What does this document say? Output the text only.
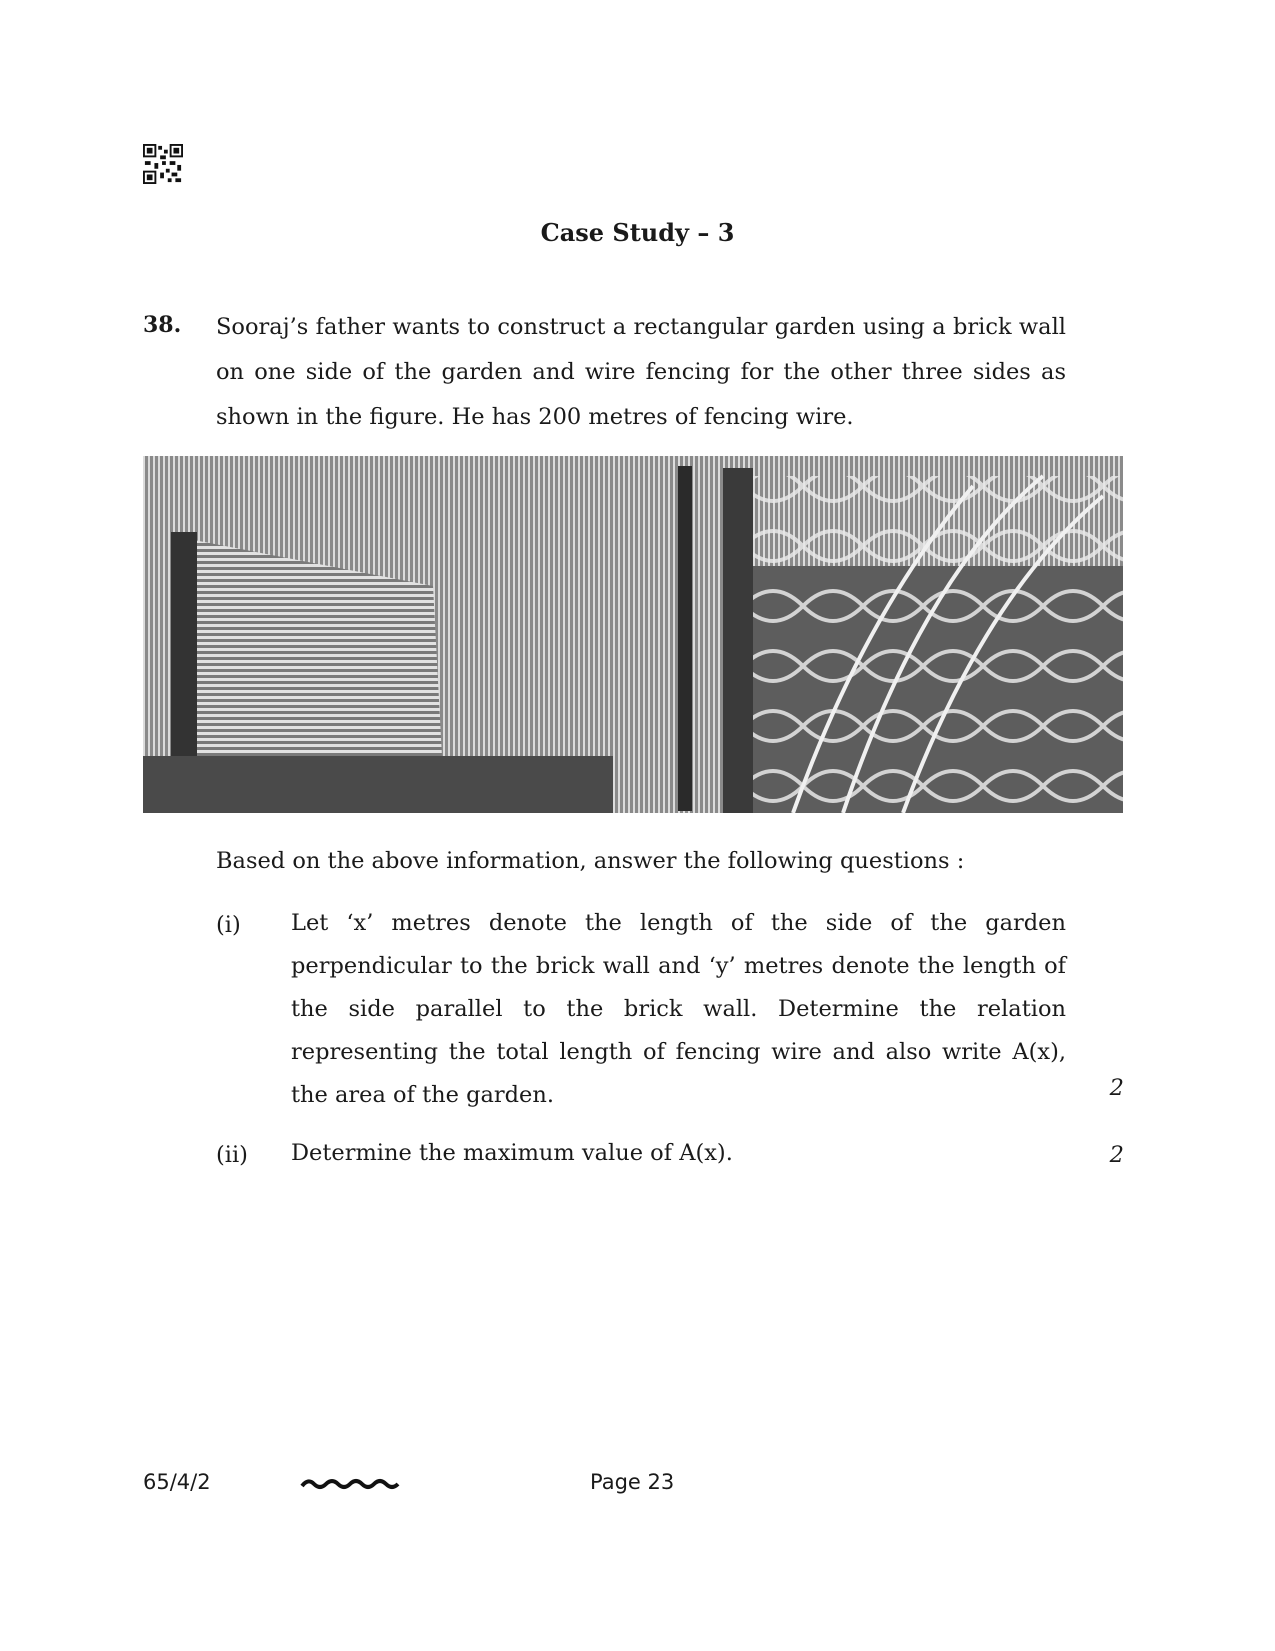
Case Study – 3
38. Sooraj’s father wants to construct a rectangular garden using a brick wall on one side of the garden and wire fencing for the other three sides as shown in the figure. He has 200 metres of fencing wire.
Based on the above information, answer the following questions :
(i) Let ‘x’ metres denote the length of the side of the garden perpendicular to the brick wall and ‘y’ metres denote the length of the side parallel to the brick wall. Determine the relation representing the total length of fencing wire and also write A(x), the area of the garden.	2
(ii) Determine the maximum value of A(x).	2
65/4/2	Page 23
